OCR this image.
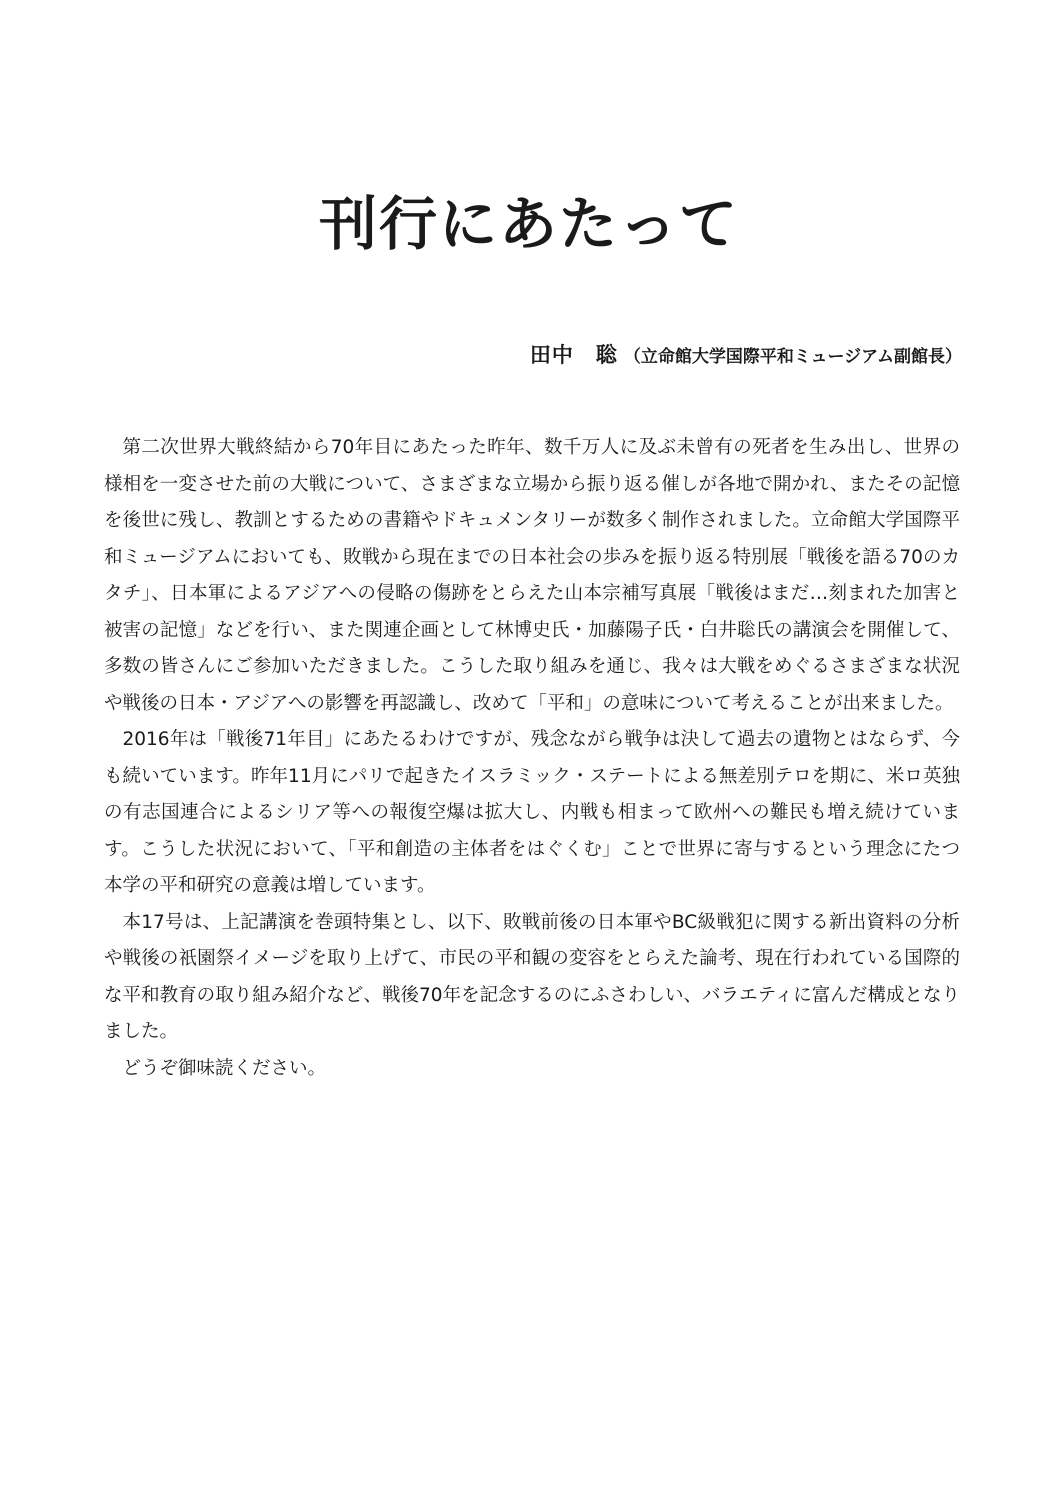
刊行にあたって
田中　聡 （立命館大学国際平和ミュージアム副館長）

第二次世界大戦終結から70年目にあたった昨年、数千万人に及ぶ未曾有の死者を生み出し、世界の様相を一変させた前の大戦について、さまざまな立場から振り返る催しが各地で開かれ、またその記憶を後世に残し、教訓とするための書籍やドキュメンタリーが数多く制作されました。立命館大学国際平和ミュージアムにおいても、敗戦から現在までの日本社会の歩みを振り返る特別展「戦後を語る70のカタチ」、日本軍によるアジアへの侵略の傷跡をとらえた山本宗補写真展「戦後はまだ…刻まれた加害と被害の記憶」などを行い、また関連企画として林博史氏・加藤陽子氏・白井聡氏の講演会を開催して、多数の皆さんにご参加いただきました。こうした取り組みを通じ、我々は大戦をめぐるさまざまな状況や戦後の日本・アジアへの影響を再認識し、改めて「平和」の意味について考えることが出来ました。

2016年は「戦後71年目」にあたるわけですが、残念ながら戦争は決して過去の遺物とはならず、今も続いています。昨年11月にパリで起きたイスラミック・ステートによる無差別テロを期に、米ロ英独の有志国連合によるシリア等への報復空爆は拡大し、内戦も相まって欧州への難民も増え続けています。こうした状況において、「平和創造の主体者をはぐくむ」ことで世界に寄与するという理念にたつ本学の平和研究の意義は増しています。

本17号は、上記講演を巻頭特集とし、以下、敗戦前後の日本軍やBC級戦犯に関する新出資料の分析や戦後の祇園祭イメージを取り上げて、市民の平和観の変容をとらえた論考、現在行われている国際的な平和教育の取り組み紹介など、戦後70年を記念するのにふさわしい、バラエティに富んだ構成となりました。

どうぞ御味読ください。
